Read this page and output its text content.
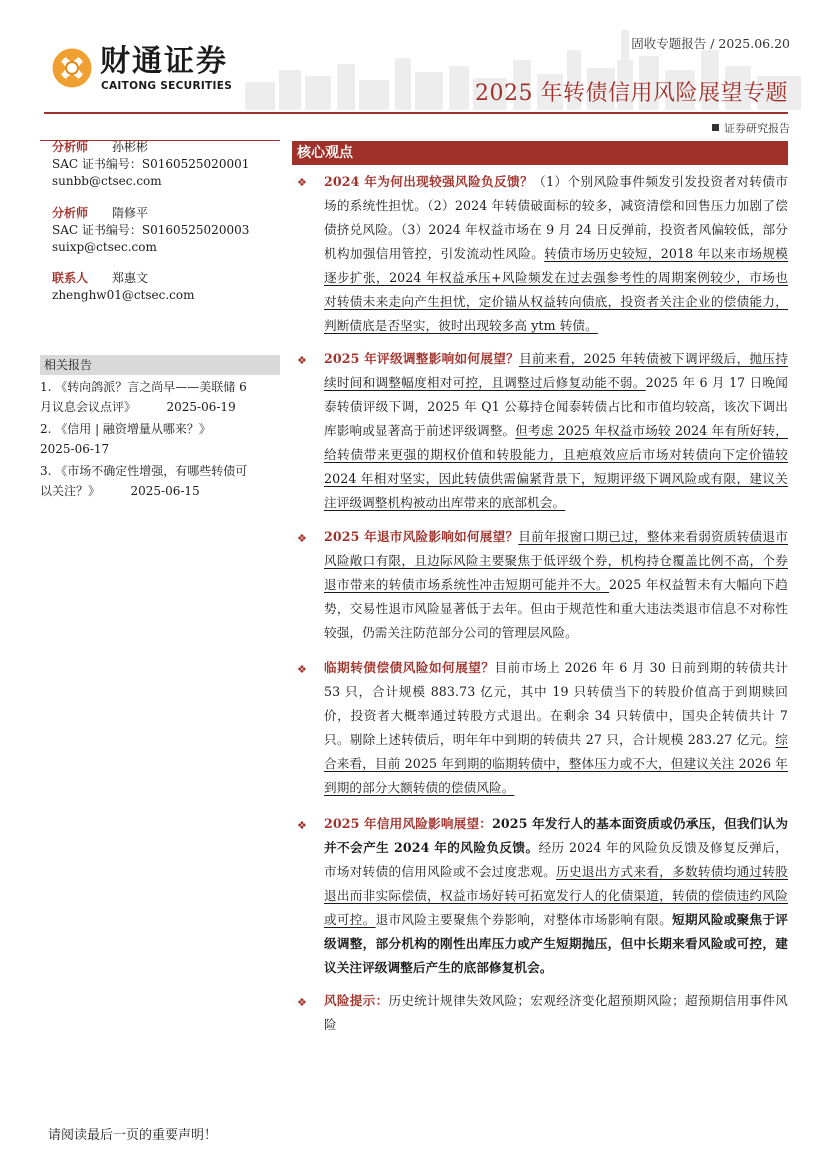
财通证券
CAITONG SECURITIES
固收专题报告 / 2025.06.20
2025 年转债信用风险展望专题
证券研究报告
分析师 孙彬彬
SAC 证书编号：S0160525020001
sunbb@ctsec.com
分析师 隋修平
SAC 证书编号：S0160525020003
suixp@ctsec.com
联系人 郑惠文
zhenghw01@ctsec.com
相关报告
1. 《转向鸽派？言之尚早——美联储 6
月议息会议点评》        2025-06-19
2. 《信用 | 融资增量从哪来？》
2025-06-17
3. 《市场不确定性增强，有哪些转债可
以关注？》        2025-06-15
核心观点
❖ 2024 年为何出现较强风险负反馈？（1）个别风险事件频发引发投资者对转债市场的系统性担忧。（2）2024 年转债破面标的较多，减资清偿和回售压力加剧了偿债挤兑风险。（3）2024 年权益市场在 9 月 24 日反弹前，投资者风偏较低，部分机构加强信用管控，引发流动性风险。转债市场历史较短，2018 年以来市场规模逐步扩张，2024 年权益承压+风险频发在过去强参考性的周期案例较少，市场也对转债未来走向产生担忧，定价锚从权益转向债底，投资者关注企业的偿债能力，判断债底是否坚实，彼时出现较多高 ytm 转债。
❖ 2025 年评级调整影响如何展望？目前来看，2025 年转债被下调评级后，抛压持续时间和调整幅度相对可控，且调整过后修复动能不弱。2025 年 6 月 17 日晚闻泰转债评级下调，2025 年 Q1 公募持仓闻泰转债占比和市值均较高，该次下调出库影响或显著高于前述评级调整。但考虑 2025 年权益市场较 2024 年有所好转，给转债带来更强的期权价值和转股能力，且疤痕效应后市场对转债向下定价锚较 2024 年相对坚实，因此转债供需偏紧背景下，短期评级下调风险或有限，建议关注评级调整机构被动出库带来的底部机会。
❖ 2025 年退市风险影响如何展望？目前年报窗口期已过，整体来看弱资质转债退市风险敞口有限，且边际风险主要聚焦于低评级个券，机构持仓覆盖比例不高，个券退市带来的转债市场系统性冲击短期可能并不大。2025 年权益暂未有大幅向下趋势，交易性退市风险显著低于去年。但由于规范性和重大违法类退市信息不对称性较强，仍需关注防范部分公司的管理层风险。
❖ 临期转债偿债风险如何展望？目前市场上 2026 年 6 月 30 日前到期的转债共计 53 只，合计规模 883.73 亿元，其中 19 只转债当下的转股价值高于到期赎回价，投资者大概率通过转股方式退出。在剩余 34 只转债中，国央企转债共计 7 只。剔除上述转债后，明年年中到期的转债共 27 只，合计规模 283.27 亿元。综合来看，目前 2025 年到期的临期转债中，整体压力或不大，但建议关注 2026 年到期的部分大额转债的偿债风险。
❖ 2025 年信用风险影响展望：2025 年发行人的基本面资质或仍承压，但我们认为并不会产生 2024 年的风险负反馈。经历 2024 年的风险负反馈及修复反弹后，市场对转债的信用风险或不会过度悲观。历史退出方式来看，多数转债均通过转股退出而非实际偿债，权益市场好转可拓宽发行人的化债渠道，转债的偿债违约风险或可控。退市风险主要聚焦个券影响，对整体市场影响有限。短期风险或聚焦于评级调整，部分机构的刚性出库压力或产生短期抛压，但中长期来看风险或可控，建议关注评级调整后产生的底部修复机会。
❖ 风险提示：历史统计规律失效风险；宏观经济变化超预期风险；超预期信用事件风险
请阅读最后一页的重要声明！
